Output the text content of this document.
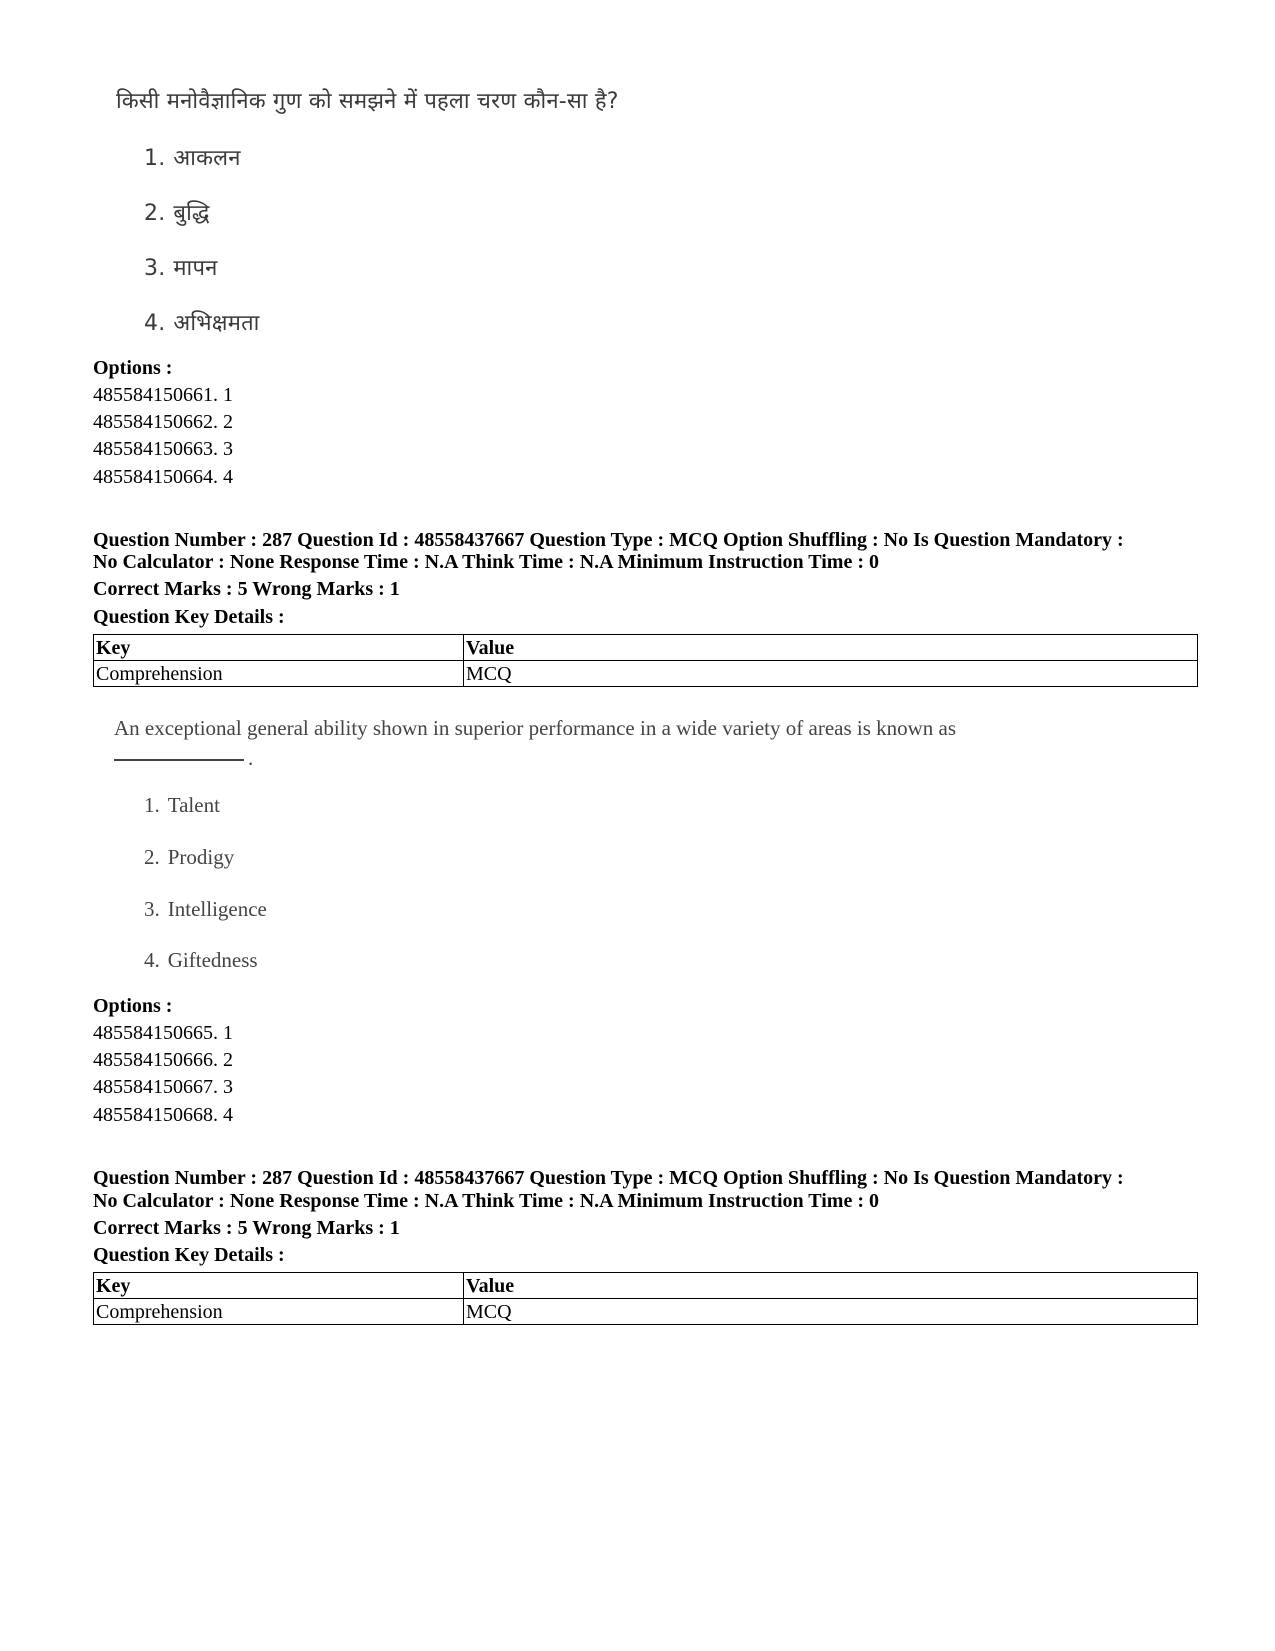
किसी मनोवैज्ञानिक गुण को समझने में पहला चरण कौन-सा है?
1. आकलन
2. बुद्धि
3. मापन
4. अभिक्षमता
Options :
485584150661. 1
485584150662. 2
485584150663. 3
485584150664. 4
Question Number : 287 Question Id : 48558437667 Question Type : MCQ Option Shuffling : No Is Question Mandatory :
No Calculator : None Response Time : N.A Think Time : N.A Minimum Instruction Time : 0
Correct Marks : 5 Wrong Marks : 1
Question Key Details :
Key	Value
Comprehension	MCQ
An exceptional general ability shown in superior performance in a wide variety of areas is known as
.
1. Talent
2. Prodigy
3. Intelligence
4. Giftedness
Options :
485584150665. 1
485584150666. 2
485584150667. 3
485584150668. 4
Question Number : 287 Question Id : 48558437667 Question Type : MCQ Option Shuffling : No Is Question Mandatory :
No Calculator : None Response Time : N.A Think Time : N.A Minimum Instruction Time : 0
Correct Marks : 5 Wrong Marks : 1
Question Key Details :
Key	Value
Comprehension	MCQ
